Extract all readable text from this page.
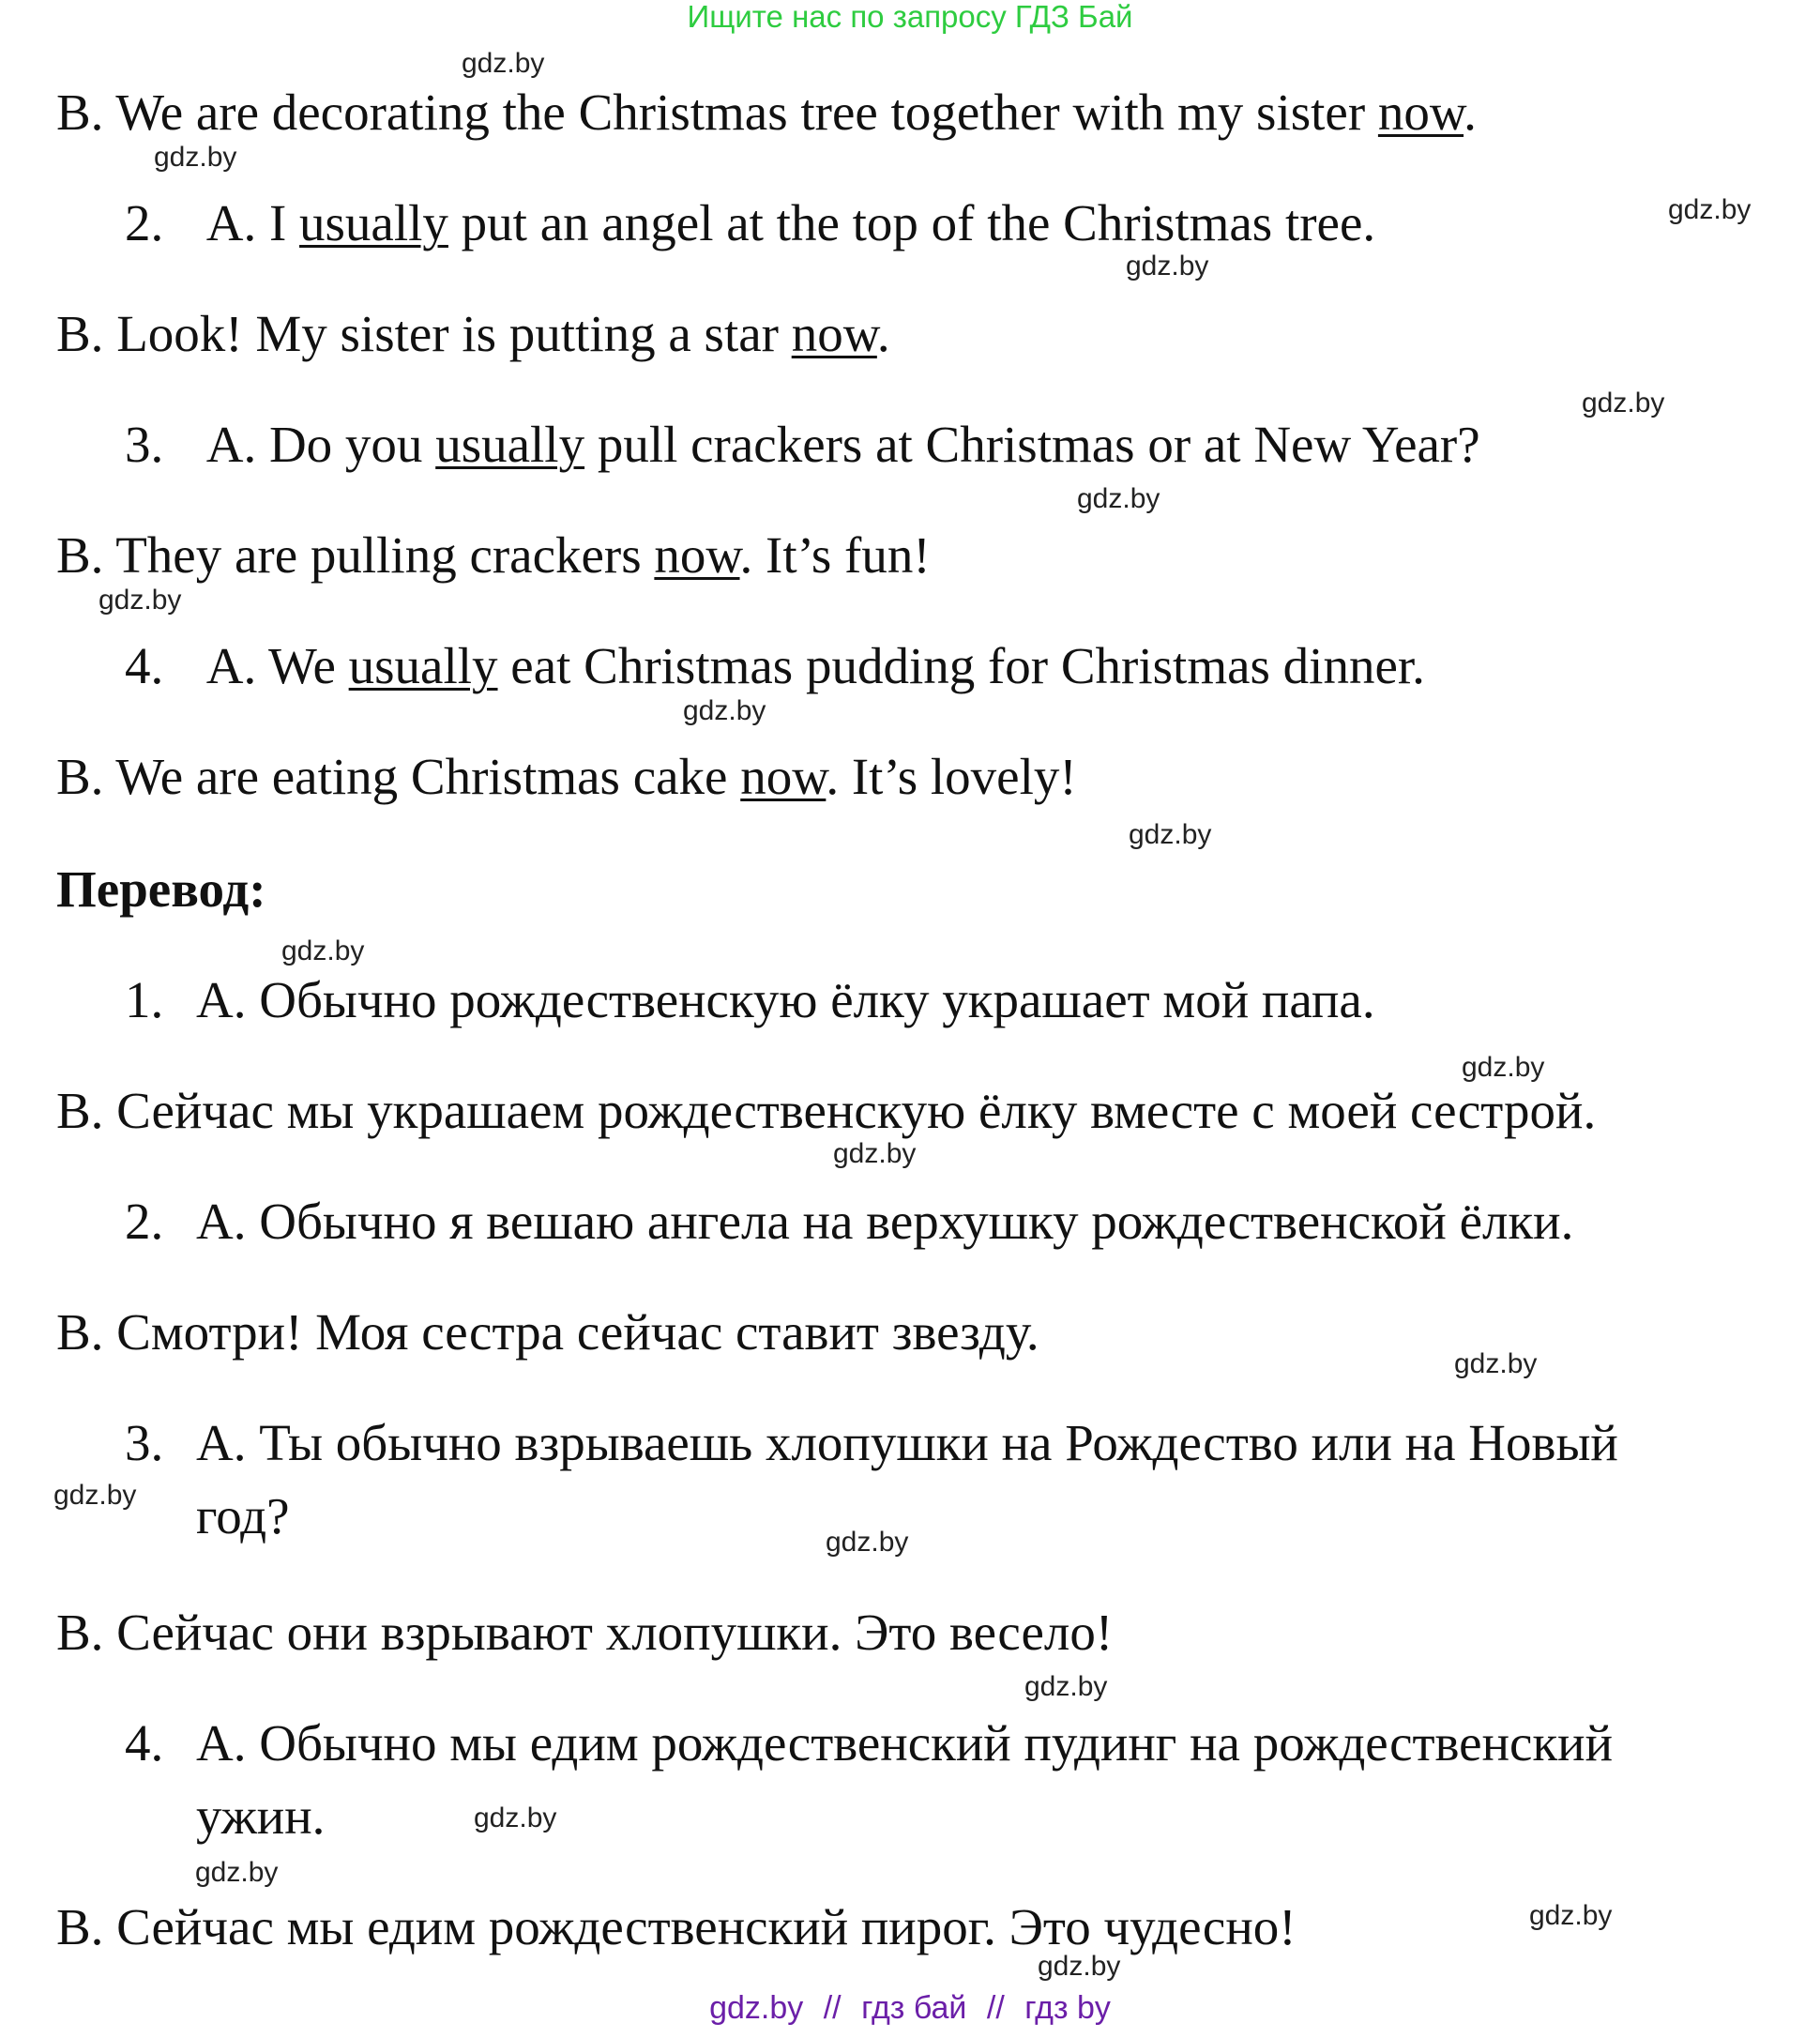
Ищите нас по запросу ГДЗ Бай
B. We are decorating the Christmas tree together with my sister now.
2. A. I usually put an angel at the top of the Christmas tree.
B. Look! My sister is putting a star now.
3. A. Do you usually pull crackers at Christmas or at New Year?
B. They are pulling crackers now. It’s fun!
4. A. We usually eat Christmas pudding for Christmas dinner.
B. We are eating Christmas cake now. It’s lovely!
Перевод:
1. A. Обычно рождественскую ёлку украшает мой папа.
B. Сейчас мы украшаем рождественскую ёлку вместе с моей сестрой.
2. A. Обычно я вешаю ангела на верхушку рождественской ёлки.
B. Смотри! Моя сестра сейчас ставит звезду.
3. A. Ты обычно взрываешь хлопушки на Рождество или на Новый
год?
B. Сейчас они взрывают хлопушки. Это весело!
4. A. Обычно мы едим рождественский пудинг на рождественский
ужин.
B. Сейчас мы едим рождественский пирог. Это чудесно!
gdz.by
gdz.by
gdz.by
gdz.by
gdz.by
gdz.by
gdz.by
gdz.by
gdz.by
gdz.by
gdz.by
gdz.by
gdz.by
gdz.by
gdz.by
gdz.by
gdz.by
gdz.by
gdz.by
gdz.by
gdz.by // гдз бай // гдз by
